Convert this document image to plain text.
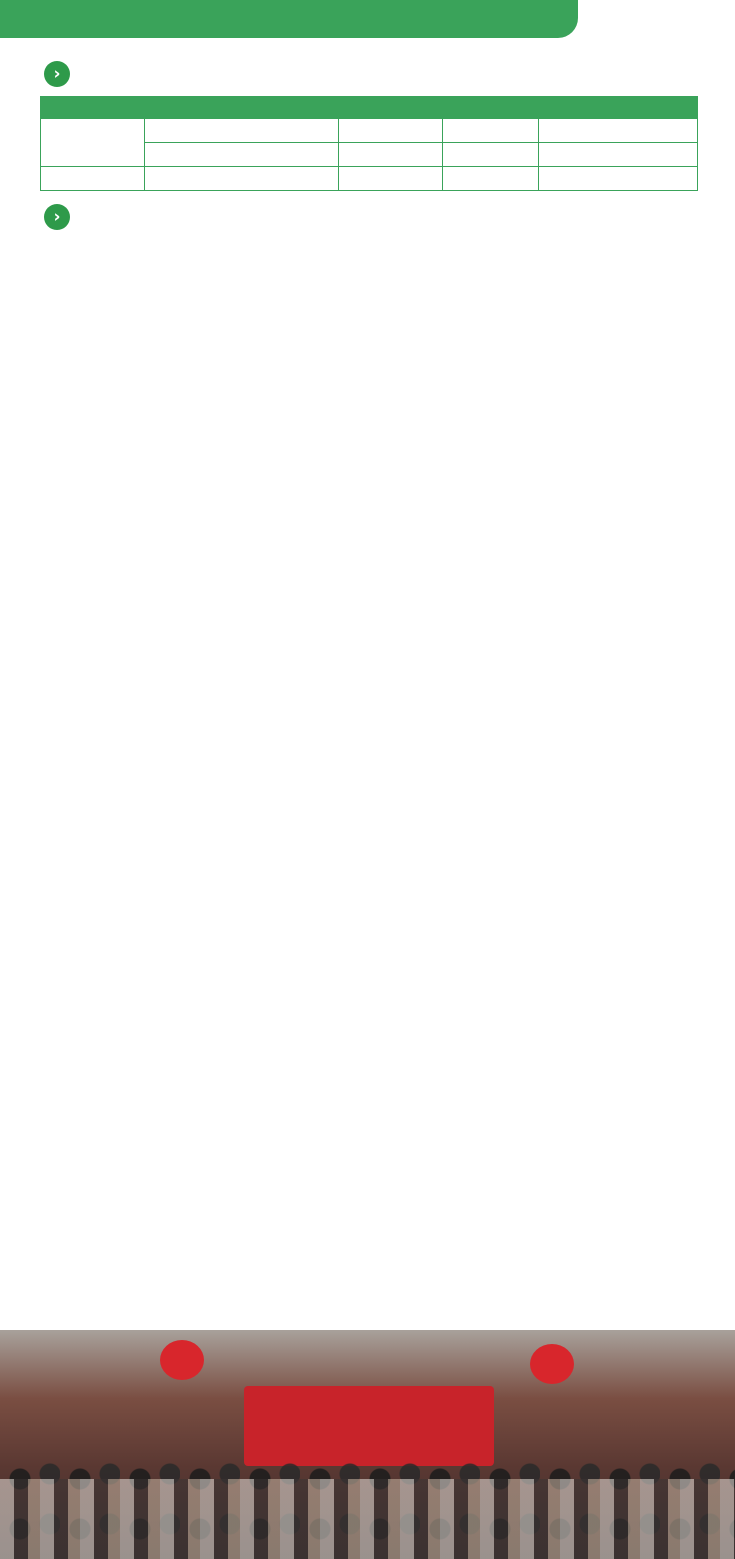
›

›
